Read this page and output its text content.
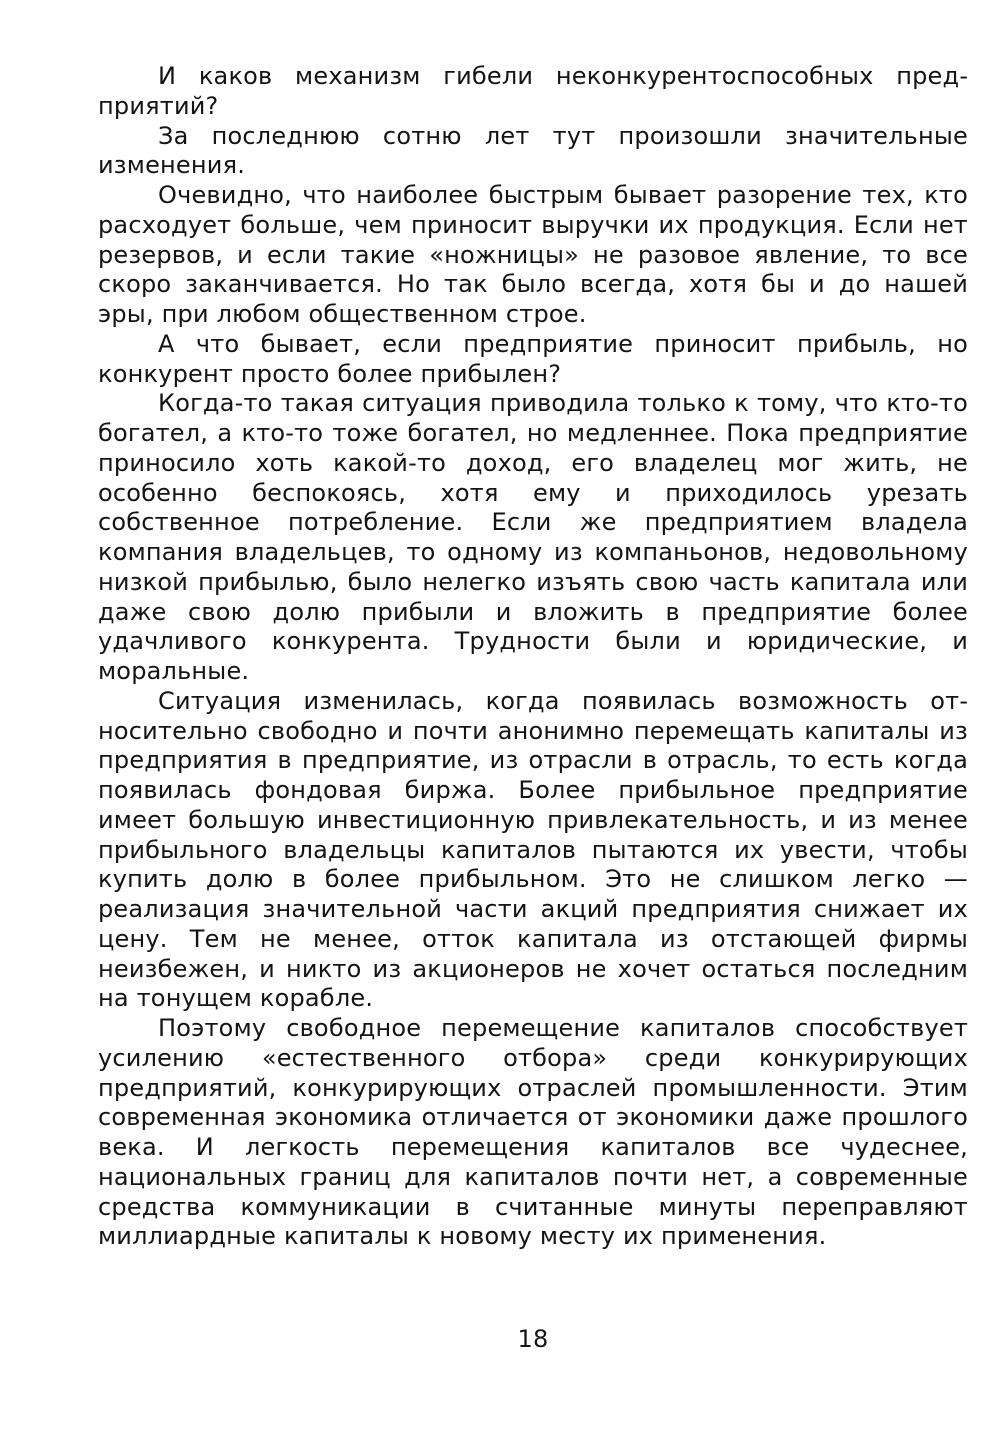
И каков механизм гибели неконкурентоспособных предприятий?

За последнюю сотню лет тут произошли значительные изменения.

Очевидно, что наиболее быстрым бывает разорение тех, кто расходует больше, чем приносит выручки их продукция. Если нет резервов, и если такие «ножницы» не разовое явление, то все скоро заканчивается. Но так было всегда, хотя бы и до нашей эры, при любом общественном строе.

А что бывает, если предприятие приносит прибыль, но конкурент просто более прибылен?

Когда-то такая ситуация приводила только к тому, что кто-то богател, а кто-то тоже богател, но медленнее. Пока предприятие приносило хоть какой-то доход, его владелец мог жить, не особенно беспокоясь, хотя ему и приходилось урезать собственное потребление. Если же предприятием владела компания владельцев, то одному из компаньонов, недовольному низкой прибылью, было нелегко изъять свою часть капитала или даже свою долю прибыли и вложить в предприятие более удачливого конкурента. Трудности были и юридические, и моральные.

Ситуация изменилась, когда появилась возможность относительно свободно и почти анонимно перемещать капиталы из предприятия в предприятие, из отрасли в отрасль, то есть когда появилась фондовая биржа. Более прибыльное предприятие имеет большую инвестиционную привлекательность, и из менее прибыльного владельцы капиталов пытаются их увести, чтобы купить долю в более прибыльном. Это не слишком легко — реализация значительной части акций предприятия снижает их цену. Тем не менее, отток капитала из отстающей фирмы неизбежен, и никто из акционеров не хочет остаться последним на тонущем корабле.

Поэтому свободное перемещение капиталов способствует усилению «естественного отбора» среди конкурирующих предприятий, конкурирующих отраслей промышленности. Этим современная экономика отличается от экономики даже прошлого века. И легкость перемещения капиталов все чудеснее, национальных границ для капиталов почти нет, а современные средства коммуникации в считанные минуты переправляют миллиардные капиталы к новому месту их применения.

18
